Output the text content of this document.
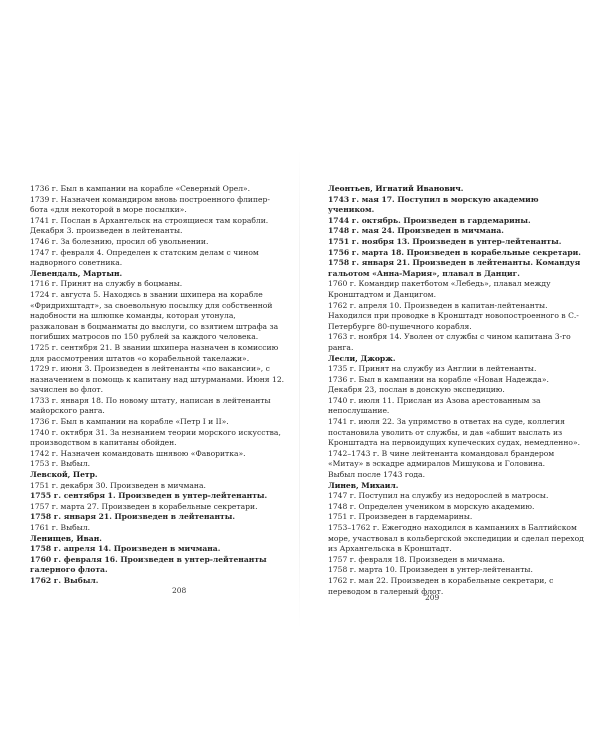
1736 г. Был в кампании на корабле «Северный Орел».

1739 г. Назначен командиром вновь построенного флипер-бота «для некоторой в море посылки».

1741 г. Послан в Архангельск на строящиеся там корабли. Декабря 3. произведен в лейтенанты.

1746 г. За болезнию, просил об увольнении.

1747 г. февраля 4. Определен к статским делам с чином надворного советника.

Левендаль, Мартын.

1716 г. Принят на службу в боцманы.

1724 г. августа 5. Находясь в звании шхипера на корабле «Фридрихштадт», за своевольную посылку для собственной надобности на шлюпке команды, которая утонула, разжалован в боцманматы до выслуги, со взятием штрафа за погибших матросов по 150 рублей за каждого человека.

1725 г. сентября 21. В звании шхипера назначен в комиссию для рассмотрения штатов «о корабельной такелажи».

1729 г. июня 3. Произведен в лейтенанты «по вакансии», с назначением в помощь к капитану над штурманами. Июня 12. зачислен во флот.

1733 г. января 18. По новому штату, написан в лейтенанты майорского ранга.

1736 г. Был в кампании на корабле «Петр I и II».

1740 г. октября 31. За незнанием теории морского искусства, производством в капитаны обойден.

1742 г. Назначен командовать шнявою «Фаворитка».

1753 г. Выбыл.

Левской, Петр.

1751 г. декабря 30. Произведен в мичмана.

1755 г. сентября 1. Произведен в унтер-лейтенанты.

1757 г. марта 27. Произведен в корабельные секретари.

1758 г. января 21. Произведен в лейтенанты.

1761 г. Выбыл.

Ленищев, Иван.

1758 г. апреля 14. Произведен в мичмана.

1760 г. февраля 16. Произведен в унтер-лейтенанты галерного флота.

1762 г. Выбыл.

Леонтьев, Игнатий Иванович.

1743 г. мая 17. Поступил в морскую академию учеником.

1744 г. октябрь. Произведен в гардемарины.

1748 г. мая 24. Произведен в мичмана.

1751 г. ноября 13. Произведен в унтер-лейтенанты.

1756 г. марта 18. Произведен в корабельные секретари.

1758 г. января 21. Произведен в лейтенанты. Командуя гальотом «Анна-Мария», плавал в Данциг.

1760 г. Командир пакетботом «Лебедь», плавал между Кронштадтом и Данцигом.

1762 г. апреля 10. Произведен в капитан-лейтенанты. Находился при проводке в Кронштадт новопостроенного в С.-Петербурге 80-пушечного корабля.

1763 г. ноября 14. Уволен от службы с чином капитана 3-го ранга.

Лесли, Джорж.

1735 г. Принят на службу из Англии в лейтенанты.

1736 г. Был в кампании на корабле «Новая Надежда». Декабря 23, послан в донскую экспедицию.

1740 г. июля 11. Прислан из Азова арестованным за непослушание.

1741 г. июля 22. За упрямство в ответах на суде, коллегия постановила уволить от службы, и дав «абшит выслать из Кронштадта на первоидущих купеческих судах, немедленно».

1742–1743 г. В чине лейтенанта командовал брандером «Митау» в эскадре адмиралов Мишукова и Головина.

Выбыл после 1743 года.

Линев, Михаил.

1747 г. Поступил на службу из недорослей в матросы.

1748 г. Определен учеником в морскую академию.

1751 г. Произведен в гардемарины.

1753–1762 г. Ежегодно находился в кампаниях в Балтийском море, участвовал в кольбергской экспедиции и сделал переход из Архангельска в Кронштадт.

1757 г. февраля 18. Произведен в мичмана.

1758 г. марта 10. Произведен в унтер-лейтенанты.

1762 г. мая 22. Произведен в корабельные секретари, с переводом в галерный флот.

208
209
